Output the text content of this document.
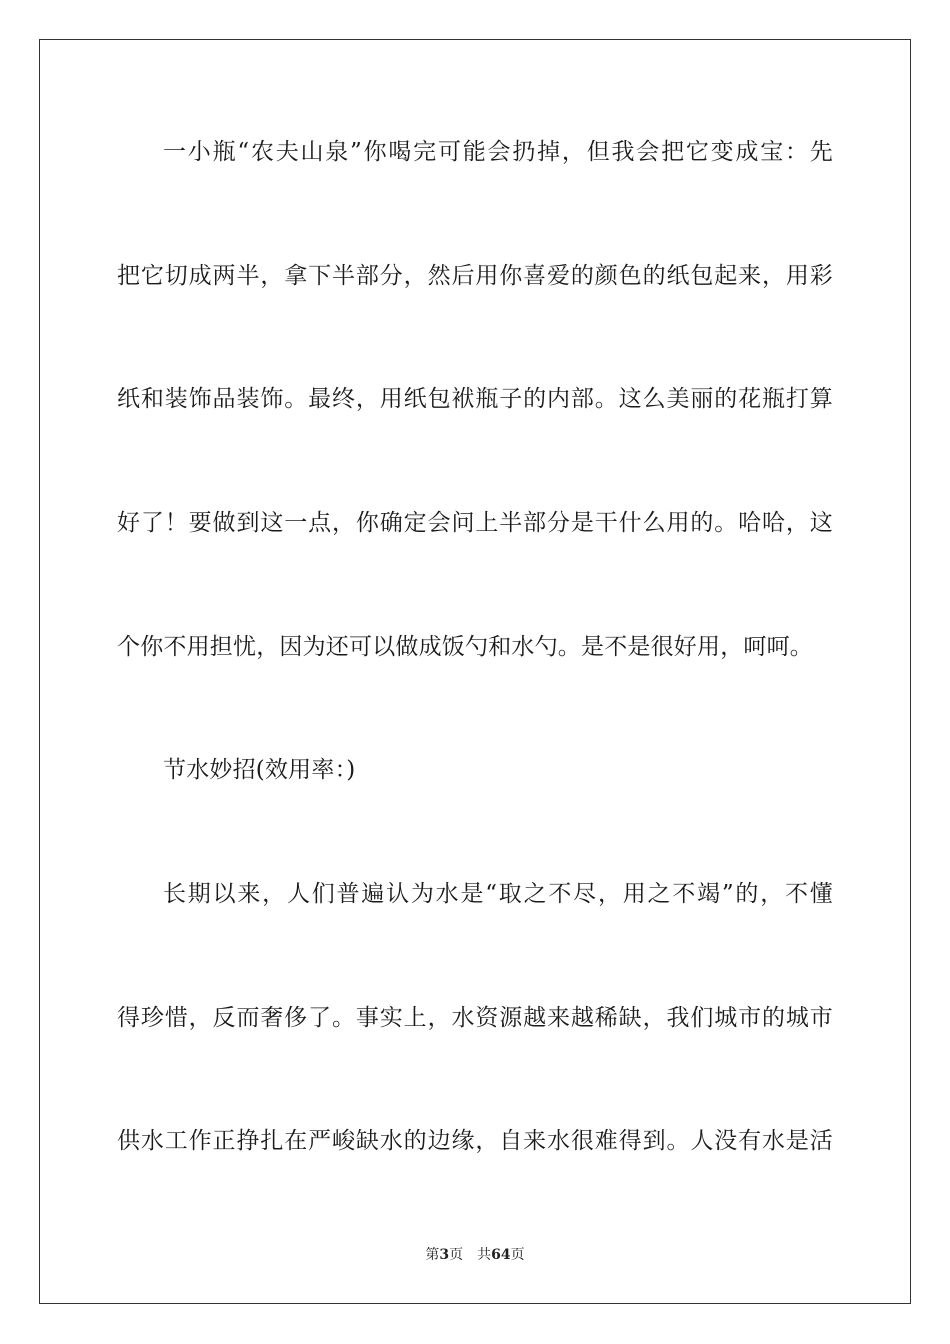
一小瓶“农夫山泉”你喝完可能会扔掉，但我会把它变成宝：先
把它切成两半，拿下半部分，然后用你喜爱的颜色的纸包起来，用彩
纸和装饰品装饰。最终，用纸包袱瓶子的内部。这么美丽的花瓶打算
好了！要做到这一点，你确定会问上半部分是干什么用的。哈哈，这
个你不用担忧，因为还可以做成饭勺和水勺。是不是很好用，呵呵。
节水妙招(效用率：)
长期以来，人们普遍认为水是“取之不尽，用之不竭”的，不懂
得珍惜，反而奢侈了。事实上，水资源越来越稀缺，我们城市的城市
供水工作正挣扎在严峻缺水的边缘，自来水很难得到。人没有水是活
第3页 共64页
